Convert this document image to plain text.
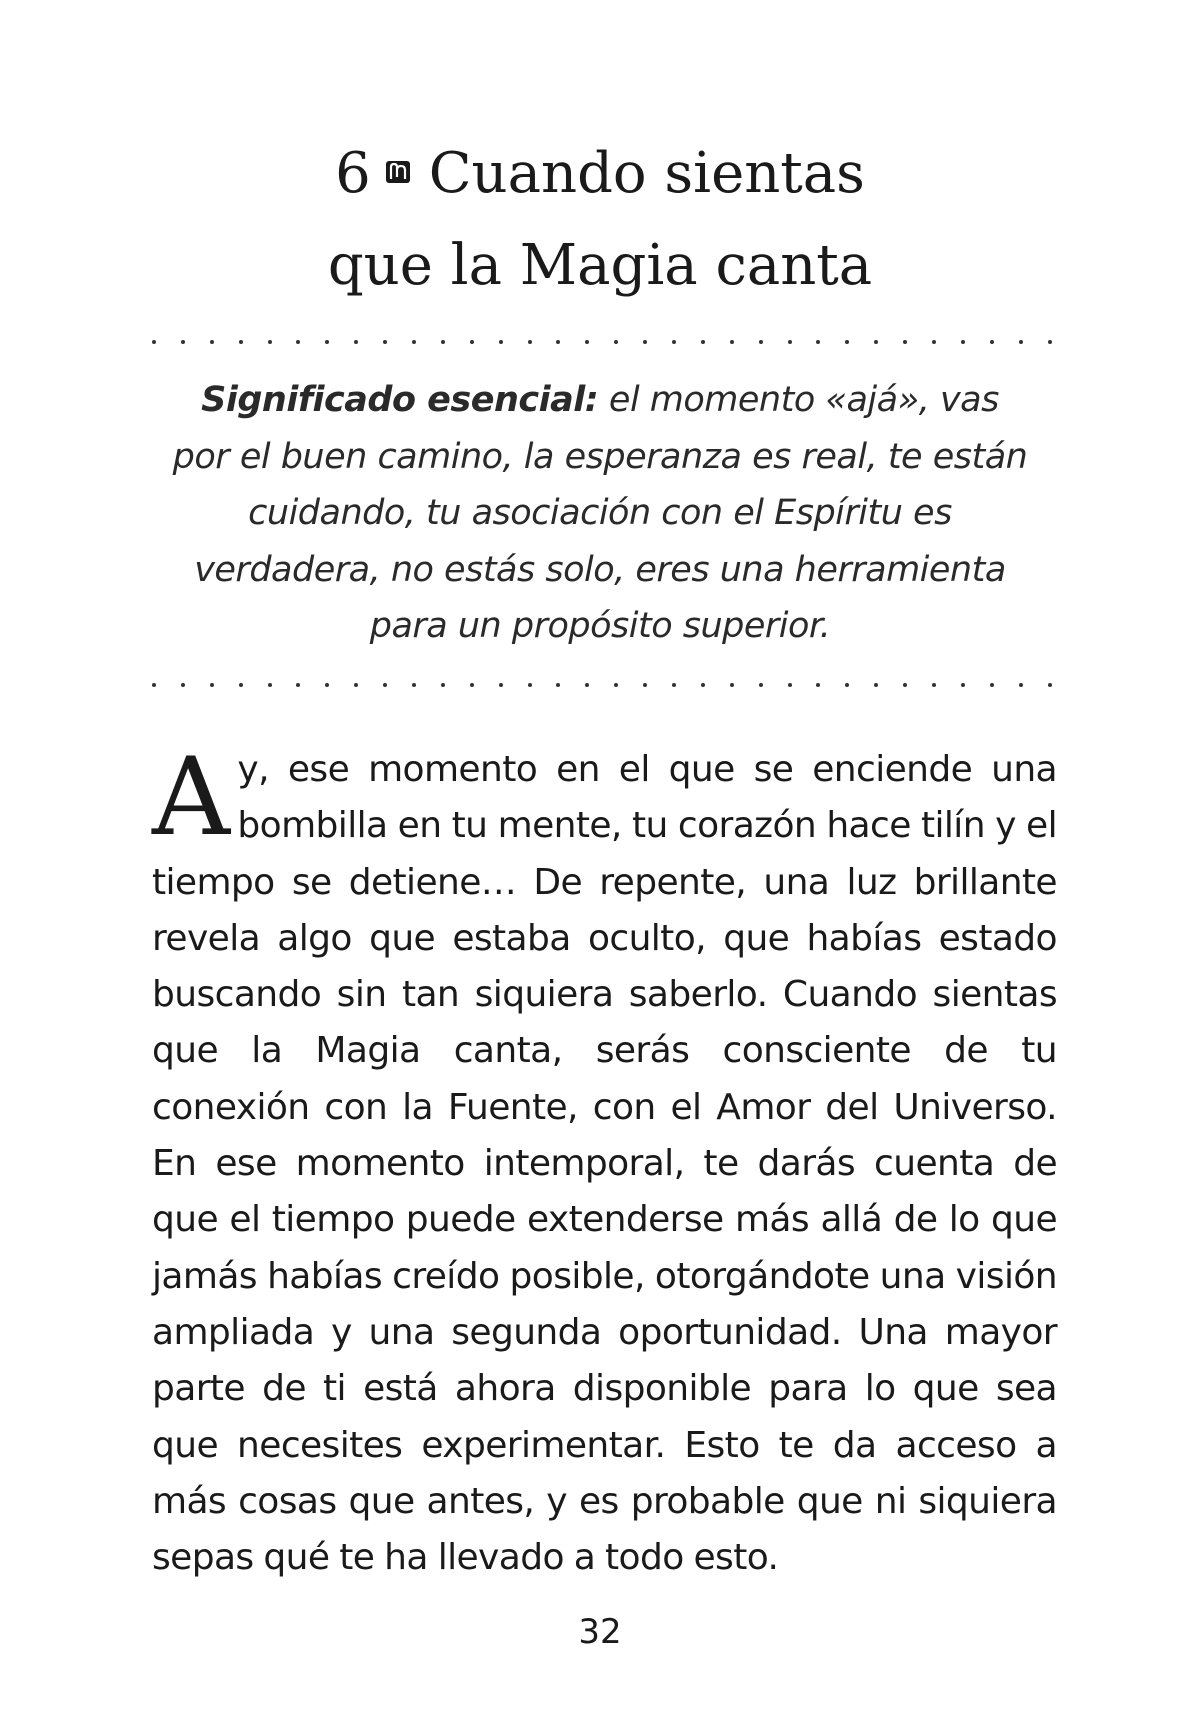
6 Cuando sientas
que la Magia canta

Significado esencial: el momento «ajá», vas por el buen camino, la esperanza es real, te están cuidando, tu asociación con el Espíritu es verdadera, no estás solo, eres una herramienta para un propósito superior.

Ay, ese momento en el que se enciende una bombilla en tu mente, tu corazón hace tilín y el tiempo se detiene… De repente, una luz brillante revela algo que estaba oculto, que habías estado buscando sin tan siquiera saberlo. Cuando sientas que la Magia canta, serás consciente de tu conexión con la Fuente, con el Amor del Universo. En ese momento intemporal, te darás cuenta de que el tiempo puede extenderse más allá de lo que jamás habías creído posible, otorgándote una visión ampliada y una segunda oportunidad. Una mayor parte de ti está ahora disponible para lo que sea que necesites experimentar. Esto te da acceso a más cosas que antes, y es probable que ni siquiera sepas qué te ha llevado a todo esto.

32
